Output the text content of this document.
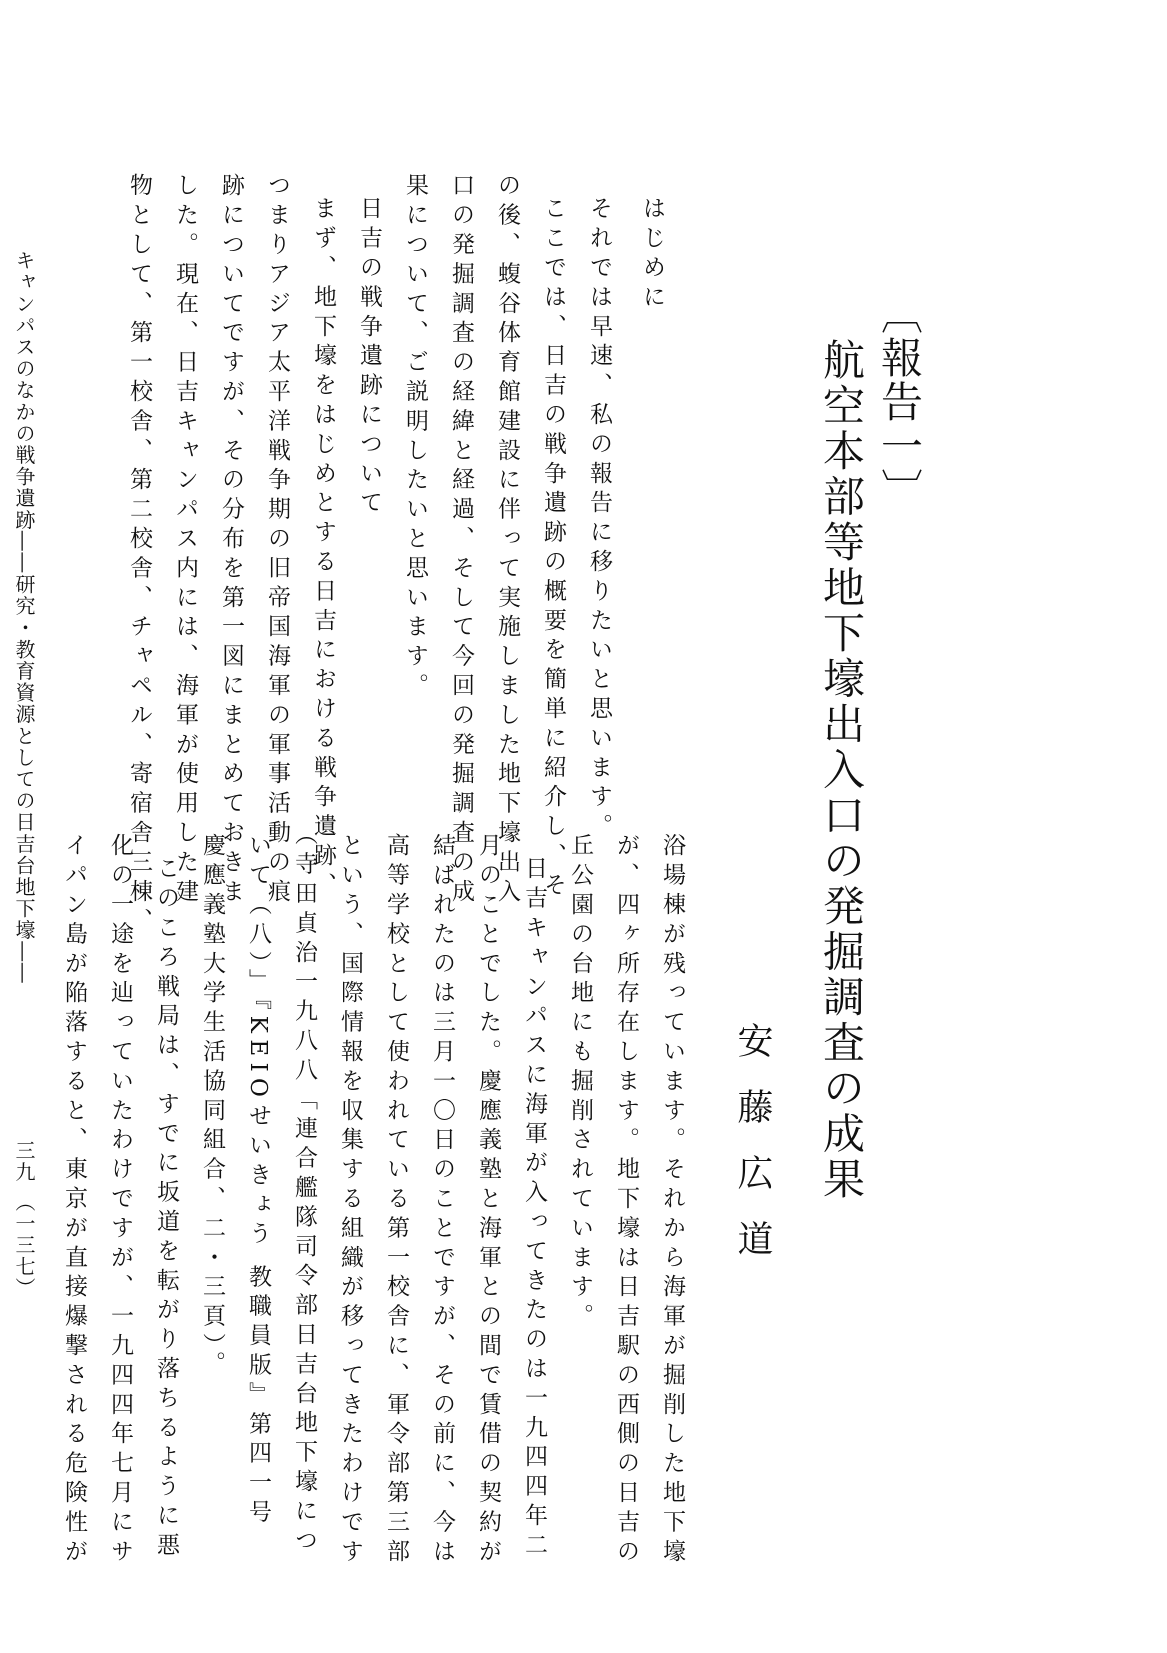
〔報告一〕
航空本部等地下壕出入口の発掘調査の成果
安藤広道
はじめに
それでは早速、私の報告に移りたいと思います。
ここでは、日吉の戦争遺跡の概要を簡単に紹介し、そ
の後、蝮谷体育館建設に伴って実施しました地下壕出入
口の発掘調査の経緯と経過、そして今回の発掘調査の成
果について、ご説明したいと思います。
日吉の戦争遺跡について
まず、地下壕をはじめとする日吉における戦争遺跡、
つまりアジア太平洋戦争期の旧帝国海軍の軍事活動の痕
跡についてですが、その分布を第一図にまとめておきま
した。現在、日吉キャンパス内には、海軍が使用した建
物として、第一校舎、第二校舎、チャペル、寄宿舎三棟、
浴場棟が残っています。それから海軍が掘削した地下壕
が、四ヶ所存在します。地下壕は日吉駅の西側の日吉の
丘公園の台地にも掘削されています。
日吉キャンパスに海軍が入ってきたのは一九四四年二
月のことでした。慶應義塾と海軍との間で賃借の契約が
結ばれたのは三月一〇日のことですが、その前に、今は
高等学校として使われている第一校舎に、軍令部第三部
という、国際情報を収集する組織が移ってきたわけです
（寺田貞治一九八八「連合艦隊司令部日吉台地下壕につ
いて（八）」『KEIOせいきょう 教職員版』第四一号
慶應義塾大学生活協同組合、二・三頁）。
このころ戦局は、すでに坂道を転がり落ちるように悪
化の一途を辿っていたわけですが、一九四四年七月にサ
イパン島が陥落すると、東京が直接爆撃される危険性が
キャンパスのなかの戦争遺跡――研究・教育資源としての日吉台地下壕――
三九 （一三七）
